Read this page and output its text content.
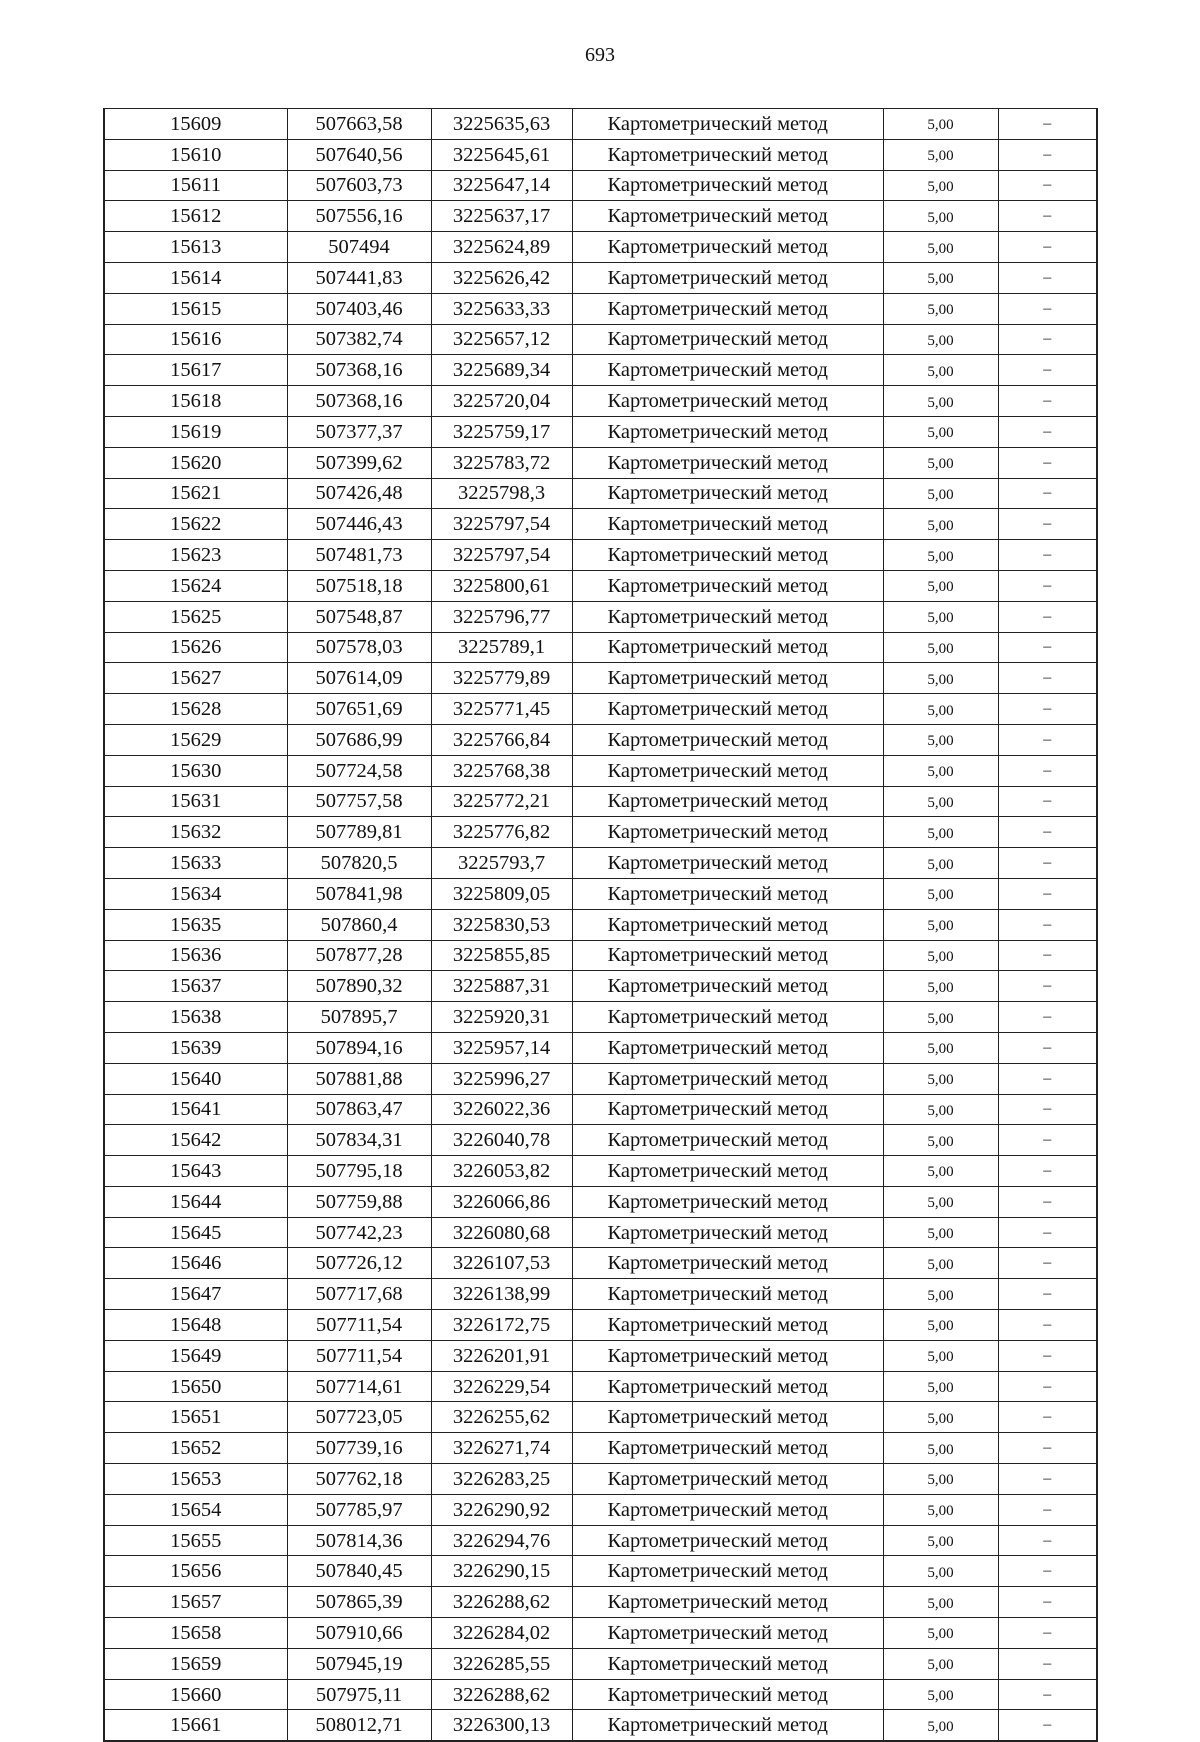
693
15609	507663,58	3225635,63	Картометрический метод	5,00	–
15610	507640,56	3225645,61	Картометрический метод	5,00	–
15611	507603,73	3225647,14	Картометрический метод	5,00	–
15612	507556,16	3225637,17	Картометрический метод	5,00	–
15613	507494	3225624,89	Картометрический метод	5,00	–
15614	507441,83	3225626,42	Картометрический метод	5,00	–
15615	507403,46	3225633,33	Картометрический метод	5,00	–
15616	507382,74	3225657,12	Картометрический метод	5,00	–
15617	507368,16	3225689,34	Картометрический метод	5,00	–
15618	507368,16	3225720,04	Картометрический метод	5,00	–
15619	507377,37	3225759,17	Картометрический метод	5,00	–
15620	507399,62	3225783,72	Картометрический метод	5,00	–
15621	507426,48	3225798,3	Картометрический метод	5,00	–
15622	507446,43	3225797,54	Картометрический метод	5,00	–
15623	507481,73	3225797,54	Картометрический метод	5,00	–
15624	507518,18	3225800,61	Картометрический метод	5,00	–
15625	507548,87	3225796,77	Картометрический метод	5,00	–
15626	507578,03	3225789,1	Картометрический метод	5,00	–
15627	507614,09	3225779,89	Картометрический метод	5,00	–
15628	507651,69	3225771,45	Картометрический метод	5,00	–
15629	507686,99	3225766,84	Картометрический метод	5,00	–
15630	507724,58	3225768,38	Картометрический метод	5,00	–
15631	507757,58	3225772,21	Картометрический метод	5,00	–
15632	507789,81	3225776,82	Картометрический метод	5,00	–
15633	507820,5	3225793,7	Картометрический метод	5,00	–
15634	507841,98	3225809,05	Картометрический метод	5,00	–
15635	507860,4	3225830,53	Картометрический метод	5,00	–
15636	507877,28	3225855,85	Картометрический метод	5,00	–
15637	507890,32	3225887,31	Картометрический метод	5,00	–
15638	507895,7	3225920,31	Картометрический метод	5,00	–
15639	507894,16	3225957,14	Картометрический метод	5,00	–
15640	507881,88	3225996,27	Картометрический метод	5,00	–
15641	507863,47	3226022,36	Картометрический метод	5,00	–
15642	507834,31	3226040,78	Картометрический метод	5,00	–
15643	507795,18	3226053,82	Картометрический метод	5,00	–
15644	507759,88	3226066,86	Картометрический метод	5,00	–
15645	507742,23	3226080,68	Картометрический метод	5,00	–
15646	507726,12	3226107,53	Картометрический метод	5,00	–
15647	507717,68	3226138,99	Картометрический метод	5,00	–
15648	507711,54	3226172,75	Картометрический метод	5,00	–
15649	507711,54	3226201,91	Картометрический метод	5,00	–
15650	507714,61	3226229,54	Картометрический метод	5,00	–
15651	507723,05	3226255,62	Картометрический метод	5,00	–
15652	507739,16	3226271,74	Картометрический метод	5,00	–
15653	507762,18	3226283,25	Картометрический метод	5,00	–
15654	507785,97	3226290,92	Картометрический метод	5,00	–
15655	507814,36	3226294,76	Картометрический метод	5,00	–
15656	507840,45	3226290,15	Картометрический метод	5,00	–
15657	507865,39	3226288,62	Картометрический метод	5,00	–
15658	507910,66	3226284,02	Картометрический метод	5,00	–
15659	507945,19	3226285,55	Картометрический метод	5,00	–
15660	507975,11	3226288,62	Картометрический метод	5,00	–
15661	508012,71	3226300,13	Картометрический метод	5,00	–
